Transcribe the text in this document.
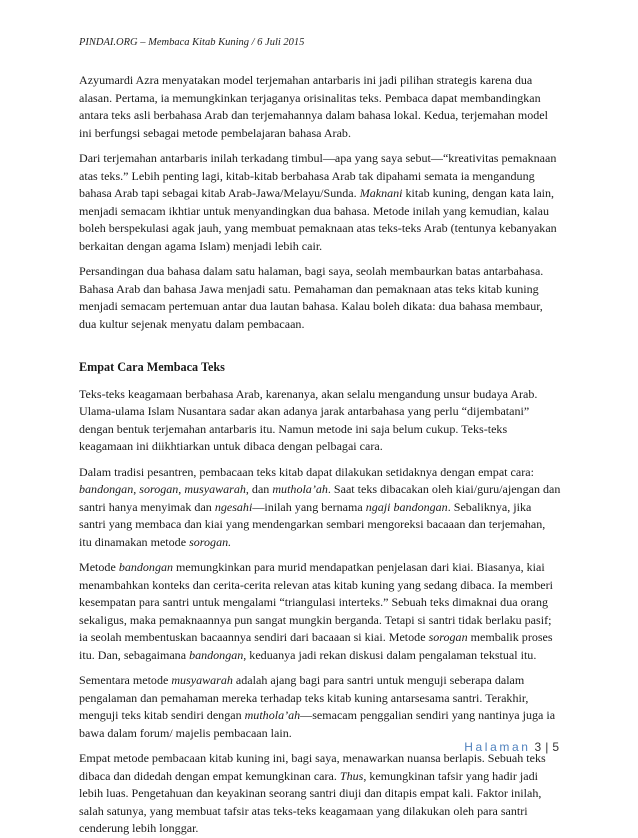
PINDAI.ORG – Membaca Kitab Kuning / 6 Juli 2015

Azyumardi Azra menyatakan model terjemahan antarbaris ini jadi pilihan strategis karena dua alasan. Pertama, ia memungkinkan terjaganya orisinalitas teks. Pembaca dapat membandingkan antara teks asli berbahasa Arab dan terjemahannya dalam bahasa lokal. Kedua, terjemahan model ini berfungsi sebagai metode pembelajaran bahasa Arab.

Dari terjemahan antarbaris inilah terkadang timbul—apa yang saya sebut—“kreativitas pemaknaan atas teks.” Lebih penting lagi, kitab-kitab berbahasa Arab tak dipahami semata ia mengandung bahasa Arab tapi sebagai kitab Arab-Jawa/Melayu/Sunda. Maknani kitab kuning, dengan kata lain, menjadi semacam ikhtiar untuk menyandingkan dua bahasa. Metode inilah yang kemudian, kalau boleh berspekulasi agak jauh, yang membuat pemaknaan atas teks-teks Arab (tentunya kebanyakan berkaitan dengan agama Islam) menjadi lebih cair.

Persandingan dua bahasa dalam satu halaman, bagi saya, seolah membaurkan batas antarbahasa. Bahasa Arab dan bahasa Jawa menjadi satu. Pemahaman dan pemaknaan atas teks kitab kuning menjadi semacam pertemuan antar dua lautan bahasa. Kalau boleh dikata: dua bahasa membaur, dua kultur sejenak menyatu dalam pembacaan.

Empat Cara Membaca Teks

Teks-teks keagamaan berbahasa Arab, karenanya, akan selalu mengandung unsur budaya Arab. Ulama-ulama Islam Nusantara sadar akan adanya jarak antarbahasa yang perlu “dijembatani” dengan bentuk terjemahan antarbaris itu. Namun metode ini saja belum cukup. Teks-teks keagamaan ini diikhtiarkan untuk dibaca dengan pelbagai cara.

Dalam tradisi pesantren, pembacaan teks kitab dapat dilakukan setidaknya dengan empat cara: bandongan, sorogan, musyawarah, dan muthola’ah. Saat teks dibacakan oleh kiai/guru/ajengan dan santri hanya menyimak dan ngesahi—inilah yang bernama ngaji bandongan. Sebaliknya, jika santri yang membaca dan kiai yang mendengarkan sembari mengoreksi bacaaan dan terjemahan, itu dinamakan metode sorogan.

Metode bandongan memungkinkan para murid mendapatkan penjelasan dari kiai. Biasanya, kiai menambahkan konteks dan cerita-cerita relevan atas kitab kuning yang sedang dibaca. Ia memberi kesempatan para santri untuk mengalami “triangulasi interteks.” Sebuah teks dimaknai dua orang sekaligus, maka pemaknaannya pun sangat mungkin berganda. Tetapi si santri tidak berlaku pasif; ia seolah membentuskan bacaannya sendiri dari bacaaan si kiai. Metode sorogan membalik proses itu. Dan, sebagaimana bandongan, keduanya jadi rekan diskusi dalam pengalaman tekstual itu.

Sementara metode musyawarah adalah ajang bagi para santri untuk menguji seberapa dalam pengalaman dan pemahaman mereka terhadap teks kitab kuning antarsesama santri. Terakhir, menguji teks kitab sendiri dengan muthola’ah—semacam penggalian sendiri yang nantinya juga ia bawa dalam forum/ majelis pembacaan lain.

Empat metode pembacaan kitab kuning ini, bagi saya, menawarkan nuansa berlapis. Sebuah teks dibaca dan didedah dengan empat kemungkinan cara. Thus, kemungkinan tafsir yang hadir jadi lebih luas. Pengetahuan dan keyakinan seorang santri diuji dan ditapis empat kali. Faktor inilah, salah satunya, yang membuat tafsir atas teks-teks keagamaan yang dilakukan oleh para santri cenderung lebih longgar.

Halaman 3 | 5
